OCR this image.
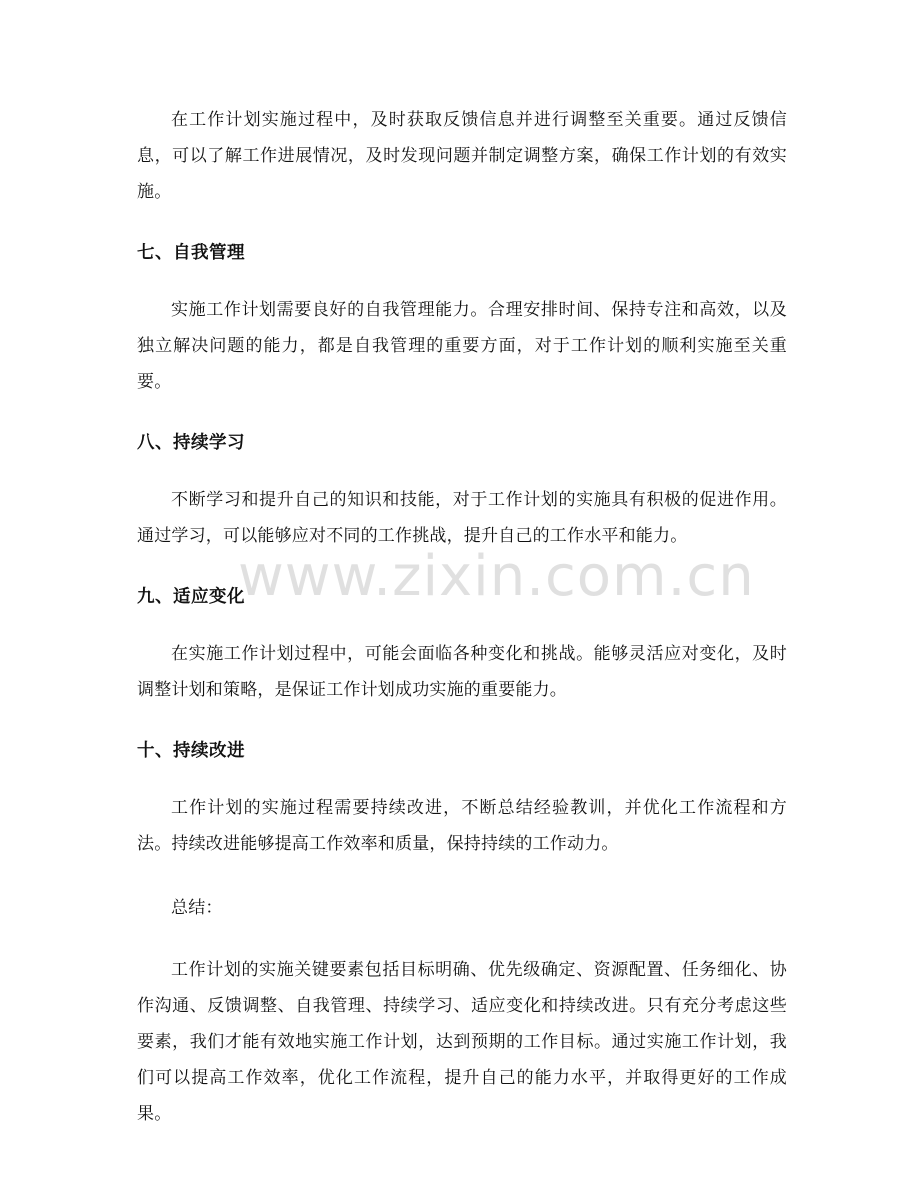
在工作计划实施过程中，及时获取反馈信息并进行调整至关重要。通过反馈信息，可以了解工作进展情况，及时发现问题并制定调整方案，确保工作计划的有效实施。

七、自我管理

实施工作计划需要良好的自我管理能力。合理安排时间、保持专注和高效，以及独立解决问题的能力，都是自我管理的重要方面，对于工作计划的顺利实施至关重要。

八、持续学习

不断学习和提升自己的知识和技能，对于工作计划的实施具有积极的促进作用。通过学习，可以能够应对不同的工作挑战，提升自己的工作水平和能力。

九、适应变化

在实施工作计划过程中，可能会面临各种变化和挑战。能够灵活应对变化，及时调整计划和策略，是保证工作计划成功实施的重要能力。

十、持续改进

工作计划的实施过程需要持续改进，不断总结经验教训，并优化工作流程和方法。持续改进能够提高工作效率和质量，保持持续的工作动力。

总结：

工作计划的实施关键要素包括目标明确、优先级确定、资源配置、任务细化、协作沟通、反馈调整、自我管理、持续学习、适应变化和持续改进。只有充分考虑这些要素，我们才能有效地实施工作计划，达到预期的工作目标。通过实施工作计划，我们可以提高工作效率，优化工作流程，提升自己的能力水平，并取得更好的工作成果。

www.zixin.com.cn
